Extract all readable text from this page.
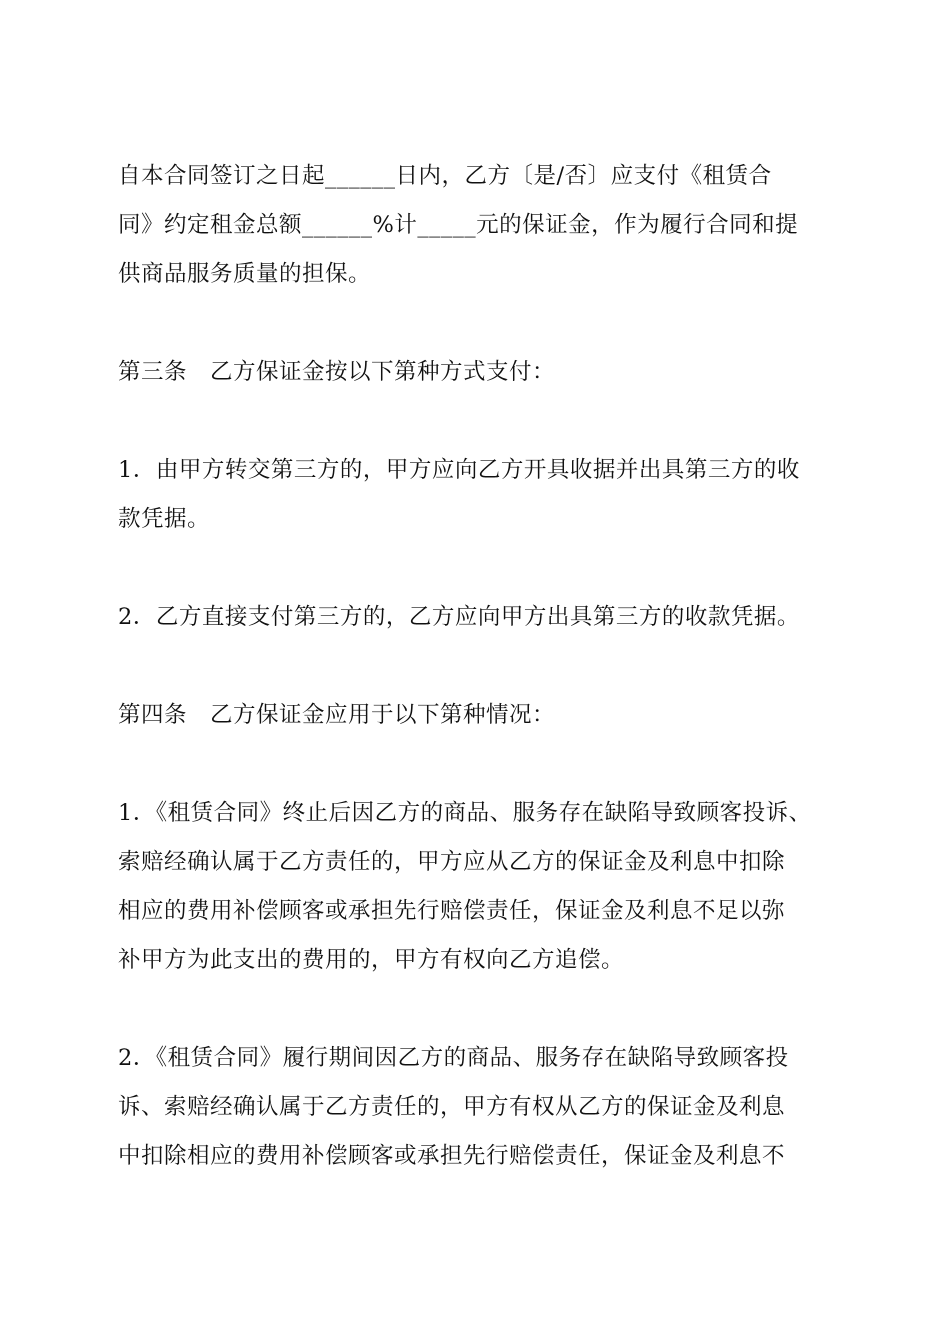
自本合同签订之日起______日内，乙方〔是/否〕应支付《租赁合
同》约定租金总额______%计_____元的保证金，作为履行合同和提
供商品服务质量的担保。

第三条　乙方保证金按以下第种方式支付：

1．由甲方转交第三方的，甲方应向乙方开具收据并出具第三方的收
款凭据。

2．乙方直接支付第三方的，乙方应向甲方出具第三方的收款凭据。

第四条　乙方保证金应用于以下第种情况：

1．《租赁合同》终止后因乙方的商品、服务存在缺陷导致顾客投诉、
索赔经确认属于乙方责任的，甲方应从乙方的保证金及利息中扣除
相应的费用补偿顾客或承担先行赔偿责任，保证金及利息不足以弥
补甲方为此支出的费用的，甲方有权向乙方追偿。

2．《租赁合同》履行期间因乙方的商品、服务存在缺陷导致顾客投
诉、索赔经确认属于乙方责任的，甲方有权从乙方的保证金及利息
中扣除相应的费用补偿顾客或承担先行赔偿责任，保证金及利息不
